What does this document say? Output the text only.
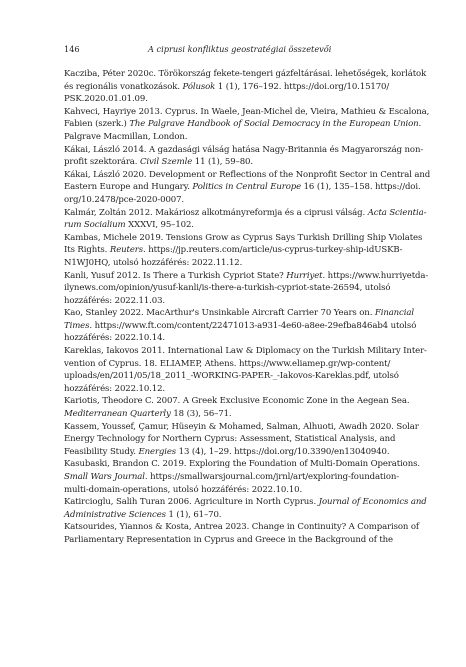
146	A ciprusi konfliktus geostratégiai összetevői

Kacziba, Péter 2020c. Törökország fekete-tengeri gázfeltárásai. lehetőségek, korlátok
és regionális vonatkozások. Pólusok 1 (1), 176–192. https://doi.org/10.15170/
PSK.2020.01.01.09.

Kahveci, Hayriye 2013. Cyprus. In Waele, Jean-Michel de, Vieira, Mathieu & Escalona,
Fabien (szerk.) The Palgrave Handbook of Social Democracy in the European Union.
Palgrave Macmillan, London.

Kákai, László 2014. A gazdasági válság hatása Nagy-Britannia és Magyarország non-
profit szektorára. Civil Szemle 11 (1), 59–80.

Kákai, László 2020. Development or Reflections of the Nonprofit Sector in Central and
Eastern Europe and Hungary. Politics in Central Europe 16 (1), 135–158. https://doi.
org/10.2478/pce-2020-0007.

Kalmár, Zoltán 2012. Makáriosz alkotmányreformja és a ciprusi válság. Acta Scientia-
rum Socialium XXXVI, 95–102.

Kambas, Michele 2019. Tensions Grow as Cyprus Says Turkish Drilling Ship Violates
Its Rights. Reuters. https://jp.reuters.com/article/us-cyprus-turkey-ship-idUSKB-
N1WJ0HQ, utolsó hozzáférés: 2022.11.12.

Kanli, Yusuf 2012. Is There a Turkish Cypriot State? Hurriyet. https://www.hurriyetda-
ilynews.com/opinion/yusuf-kanli/is-there-a-turkish-cypriot-state-26594, utolsó
hozzáférés: 2022.11.03.

Kao, Stanley 2022. MacArthur's Unsinkable Aircraft Carrier 70 Years on. Financial
Times. https://www.ft.com/content/22471013-a931-4e60-a8ee-29efba846ab4 utolsó
hozzáférés: 2022.10.14.

Kareklas, Iakovos 2011. International Law & Diplomacy on the Turkish Military Inter-
vention of Cyprus. 18. ELIAMEP, Athens. https://www.eliamep.gr/wp-content/
uploads/en/2011/05/18_2011_-WORKING-PAPER-_-Iakovos-Kareklas.pdf, utolsó
hozzáférés: 2022.10.12.

Kariotis, Theodore C. 2007. A Greek Exclusive Economic Zone in the Aegean Sea.
Mediterranean Quarterly 18 (3), 56–71.

Kassem, Youssef, Çamur, Hüseyin & Mohamed, Salman, Alhuoti, Awadh 2020. Solar
Energy Technology for Northern Cyprus: Assessment, Statistical Analysis, and
Feasibility Study. Energies 13 (4), 1–29. https://doi.org/10.3390/en13040940.

Kasubaski, Brandon C. 2019. Exploring the Foundation of Multi-Domain Operations.
Small Wars Journal. https://smallwarsjournal.com/jrnl/art/exploring-foundation-
multi-domain-operations, utolsó hozzáférés: 2022.10.10.

Katircioglu, Salih Turan 2006. Agriculture in North Cyprus. Journal of Economics and
Administrative Sciences 1 (1), 61–70.

Katsourides, Yiannos & Kosta, Antrea 2023. Change in Continuity? A Comparison of
Parliamentary Representation in Cyprus and Greece in the Background of the
